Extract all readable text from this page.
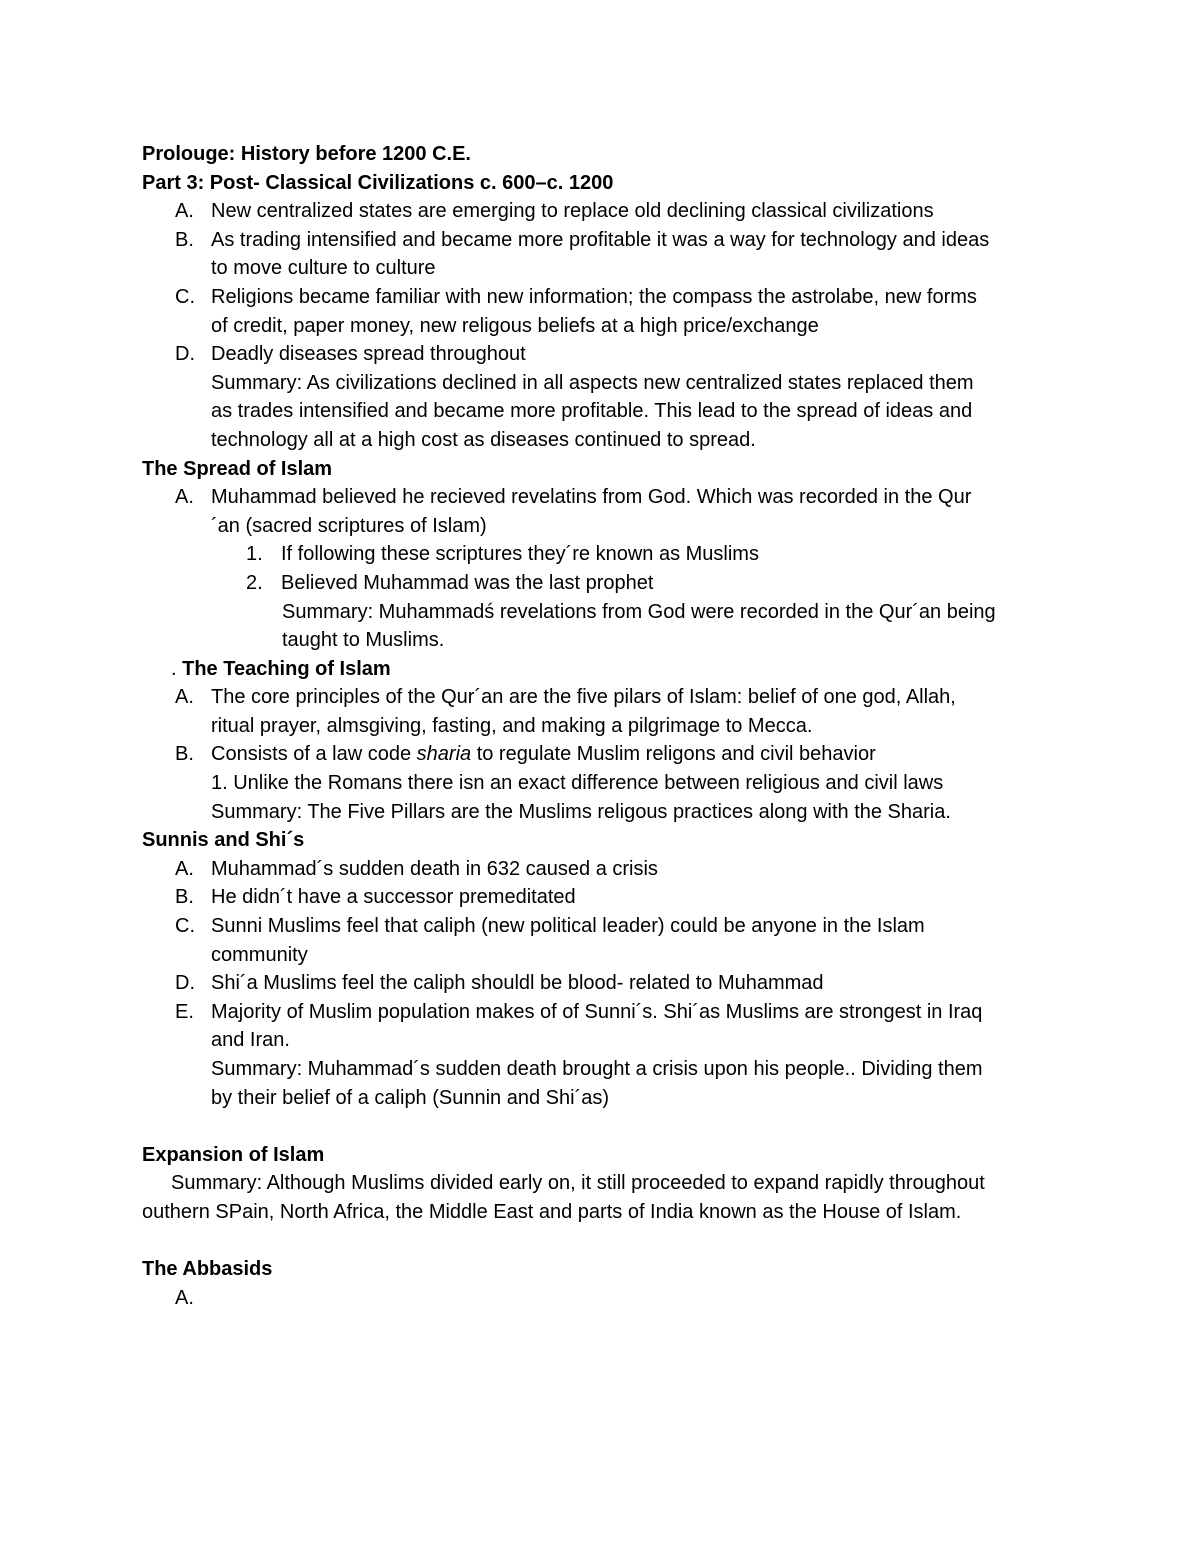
Prolouge: History before 1200 C.E.
Part 3: Post- Classical Civilizations c. 600–c. 1200
A. New centralized states are emerging to replace old declining classical civilizations
B. As trading intensified and became more profitable it was a way for technology and ideas
to move culture to culture
C. Religions became familiar with new information; the compass the astrolabe, new forms
of credit, paper money, new religous beliefs at a high price/exchange
D. Deadly diseases spread throughout
Summary: As civilizations declined in all aspects new centralized states replaced them
as trades intensified and became more profitable. This lead to the spread of ideas and
technology all at a high cost as diseases continued to spread.
The Spread of Islam
A. Muhammad believed he recieved revelatins from God. Which was recorded in the Qur
´an (sacred scriptures of Islam)
1. If following these scriptures they´re known as Muslims
2. Believed Muhammad was the last prophet
Summary: Muhammadś revelations from God were recorded in the Qur´an being
taught to Muslims.
. The Teaching of Islam
A. The core principles of the Qur´an are the five pilars of Islam: belief of one god, Allah,
ritual prayer, almsgiving, fasting, and making a pilgrimage to Mecca.
B. Consists of a law code sharia to regulate Muslim religons and civil behavior
1. Unlike the Romans there isn an exact difference between religious and civil laws
Summary: The Five Pillars are the Muslims religous practices along with the Sharia.
Sunnis and Shi´s
A. Muhammad´s sudden death in 632 caused a crisis
B. He didn´t have a successor premeditated
C. Sunni Muslims feel that caliph (new political leader) could be anyone in the Islam
community
D. Shi´a Muslims feel the caliph shouldl be blood- related to Muhammad
E. Majority of Muslim population makes of of Sunni´s. Shi´as Muslims are strongest in Iraq
and Iran.
Summary: Muhammad´s sudden death brought a crisis upon his people.. Dividing them
by their belief of a caliph (Sunnin and Shi´as)
Expansion of Islam
Summary: Although Muslims divided early on, it still proceeded to expand rapidly throughout
outhern SPain, North Africa, the Middle East and parts of India known as the House of Islam.
The Abbasids
A.
